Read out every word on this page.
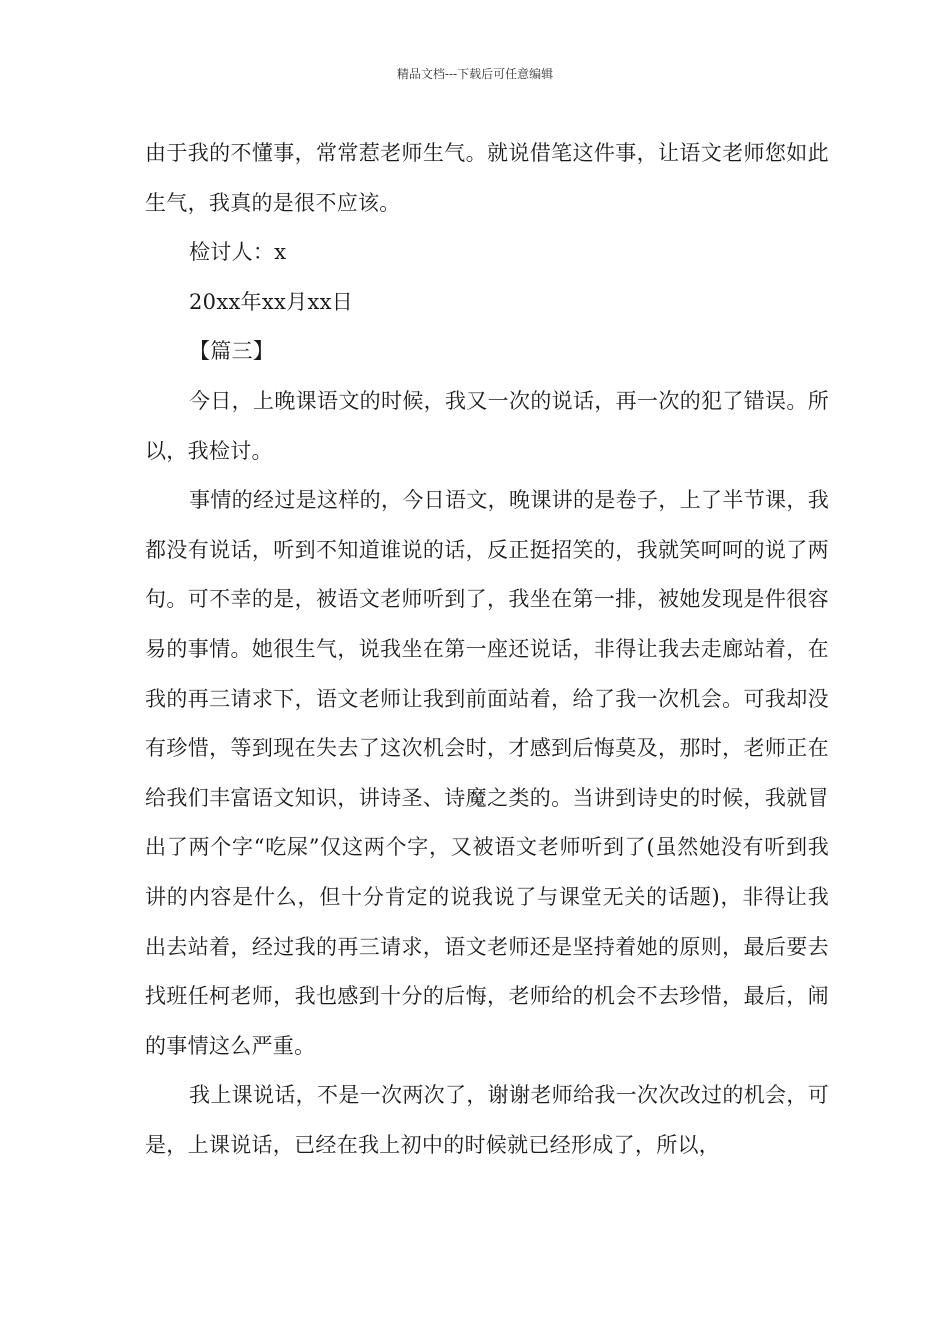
精品文档---下载后可任意编辑

由于我的不懂事，常常惹老师生气。就说借笔这件事，让语文老师您如此生气，我真的是很不应该。

检讨人：x

20xx年xx月xx日

【篇三】

今日，上晚课语文的时候，我又一次的说话，再一次的犯了错误。所以，我检讨。

事情的经过是这样的，今日语文，晚课讲的是卷子，上了半节课，我都没有说话，听到不知道谁说的话，反正挺招笑的，我就笑呵呵的说了两句。可不幸的是，被语文老师听到了，我坐在第一排，被她发现是件很容易的事情。她很生气，说我坐在第一座还说话，非得让我去走廊站着，在我的再三请求下，语文老师让我到前面站着，给了我一次机会。可我却没有珍惜，等到现在失去了这次机会时，才感到后悔莫及，那时，老师正在给我们丰富语文知识，讲诗圣、诗魔之类的。当讲到诗史的时候，我就冒出了两个字“吃屎”仅这两个字，又被语文老师听到了(虽然她没有听到我讲的内容是什么，但十分肯定的说我说了与课堂无关的话题)，非得让我出去站着，经过我的再三请求，语文老师还是坚持着她的原则，最后要去找班任柯老师，我也感到十分的后悔，老师给的机会不去珍惜，最后，闹的事情这么严重。

我上课说话，不是一次两次了，谢谢老师给我一次次改过的机会，可是，上课说话，已经在我上初中的时候就已经形成了，所以，
